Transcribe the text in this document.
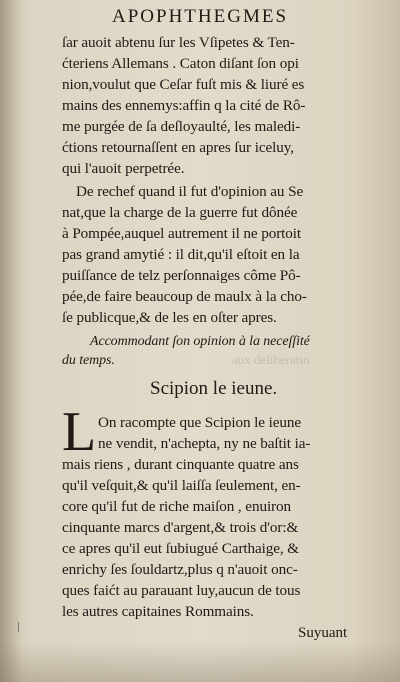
aux deliberatio
APOPHTHEGMES
ſar auoit abtenu ſur les Vſipetes & Ten-
ćteriens Allemans . Caton diſant ſon opi
nion,voulut que Ceſar fuſt mis & liuré es
mains des ennemys:affin q la cité de Rô-
me purgée de ſa deſloyaulté, les maledi-
ćtions retournaſſent en apres ſur iceluy,
qui l'auoit perpetrée.
De rechef quand il fut d'opinion au Se
nat,que la charge de la guerre fut dônée
à Pompée,auquel autrement il ne portoit
pas grand amytié : il dit,qu'il eſtoit en la
puiſſance de telz perſonnaiges côme Pô-
pée,de faire beaucoup de maulx à la cho-
ſe publicque,& de les en oſter apres.
Accommodant ſon opinion à la neceſſité
du temps.
Scipion le ieune.
L On racompte que Scipion le ieune
ne vendit, n'achepta, ny ne baſtit ia-
mais riens , durant cinquante quatre ans
qu'il veſquit,& qu'il laiſſa ſeulement, en-
core qu'il fut de riche maiſon , enuiron
cinquante marcs d'argent,& trois d'or:&
ce apres qu'il eut ſubiugué Carthaige, &
enrichy ſes ſouldartz,plus q n'auoit onc-
ques faićt au parauant luy,aucun de tous
les autres capitaines Rommains.
Suyuant
